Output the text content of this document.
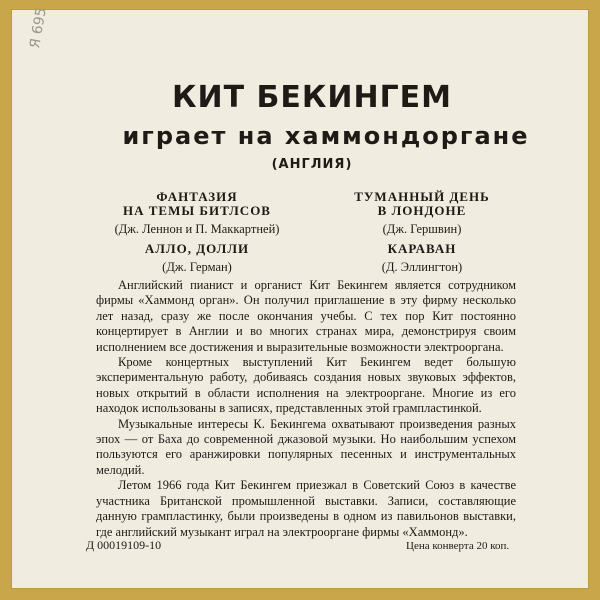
Я 695
КИТ БЕКИНГЕМ
играет на хаммондоргане
(АНГЛИЯ)
ФАНТАЗИЯ
НА ТЕМЫ БИТЛСОВ
(Дж. Леннон и П. Маккартней)
ТУМАННЫЙ ДЕНЬ
В ЛОНДОНЕ
(Дж. Гершвин)
АЛЛО, ДОЛЛИ
(Дж. Герман)
КАРАВАН
(Д. Эллингтон)

Английский пианист и органист Кит Бекингем является сотрудником фирмы «Хаммонд орган». Он получил приглашение в эту фирму несколько лет назад, сразу же после окончания учебы. С тех пор Кит постоянно концертирует в Англии и во многих странах мира, демонстрируя своим исполнением все достижения и выразительные возможности электрооргана.

Кроме концертных выступлений Кит Бекингем ведет большую экспериментальную работу, добиваясь создания новых звуковых эффектов, новых открытий в области исполнения на электрооргане. Многие из его находок использованы в записях, представленных этой грампластинкой.

Музыкальные интересы К. Бекингема охватывают произведения разных эпох — от Баха до современной джазовой музыки. Но наибольшим успехом пользуются его аранжировки популярных песенных и инструментальных мелодий.

Летом 1966 года Кит Бекингем приезжал в Советский Союз в качестве участника Британской промышленной выставки. Записи, составляющие данную грампластинку, были произведены в одном из павильонов выставки, где английский музыкант играл на электрооргане фирмы «Хаммонд».

Д 00019109-10	Цена конверта 20 коп.
